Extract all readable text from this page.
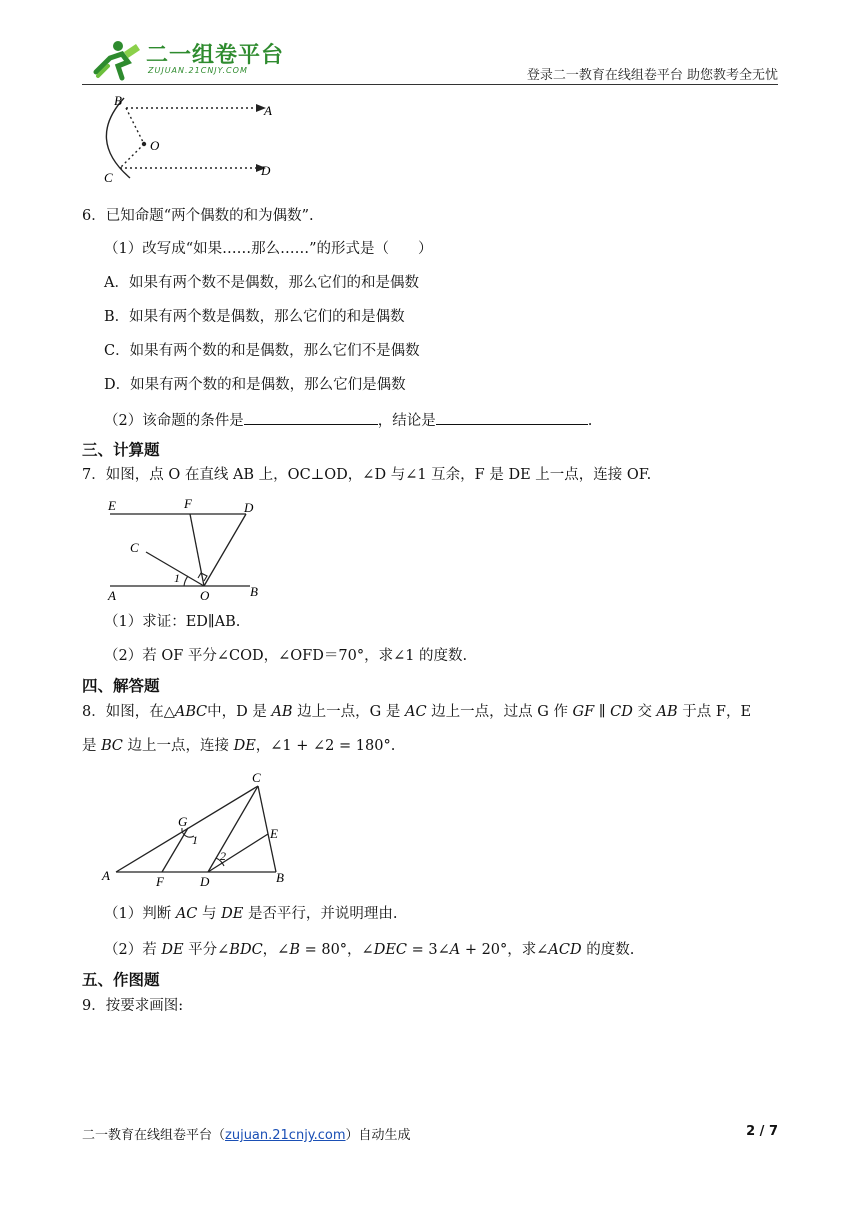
二一组卷平台
ZUJUAN.21CNJY.COM	登录二一教育在线组卷平台 助您教考全无忧
B
A
O
C	D
6．已知命题“两个偶数的和为偶数”.
（1）改写成“如果……那么……”的形式是（　　）
A．如果有两个数不是偶数，那么它们的和是偶数
B．如果有两个数是偶数，那么它们的和是偶数
C．如果有两个数的和是偶数，那么它们不是偶数
D．如果有两个数的和是偶数，那么它们是偶数
（2）该命题的条件是	，结论是	.
三、计算题
7．如图，点 O 在直线 AB 上，OC⊥OD，∠D 与∠1 互余，F 是 DE 上一点，连接 OF.
E	F	D
C
1
A	O	B
（1）求证：ED∥AB.
（2）若 OF 平分∠COD，∠OFD＝70°，求∠1 的度数.
四、解答题
8．如图，在△𝐴𝐵𝐶中，D 是 𝐴𝐵 边上一点，G 是 𝐴𝐶 边上一点，过点 G 作 𝐺𝐹 ∥ 𝐶𝐷 交 𝐴𝐵 于点 F，E
是 𝐵𝐶 边上一点，连接 𝐷𝐸，∠1 + ∠2 = 180°.
C
G
1	E
2
A	F	D	B
（1）判断 𝐴𝐶 与 𝐷𝐸 是否平行，并说明理由.
（2）若 𝐷𝐸 平分∠𝐵𝐷𝐶，∠𝐵 = 80°，∠𝐷𝐸𝐶 = 3∠𝐴 + 20°，求∠𝐴𝐶𝐷 的度数.
五、作图题
9．按要求画图:
二一教育在线组卷平台（zujuan.21cnjy.com）自动生成	2 / 7
